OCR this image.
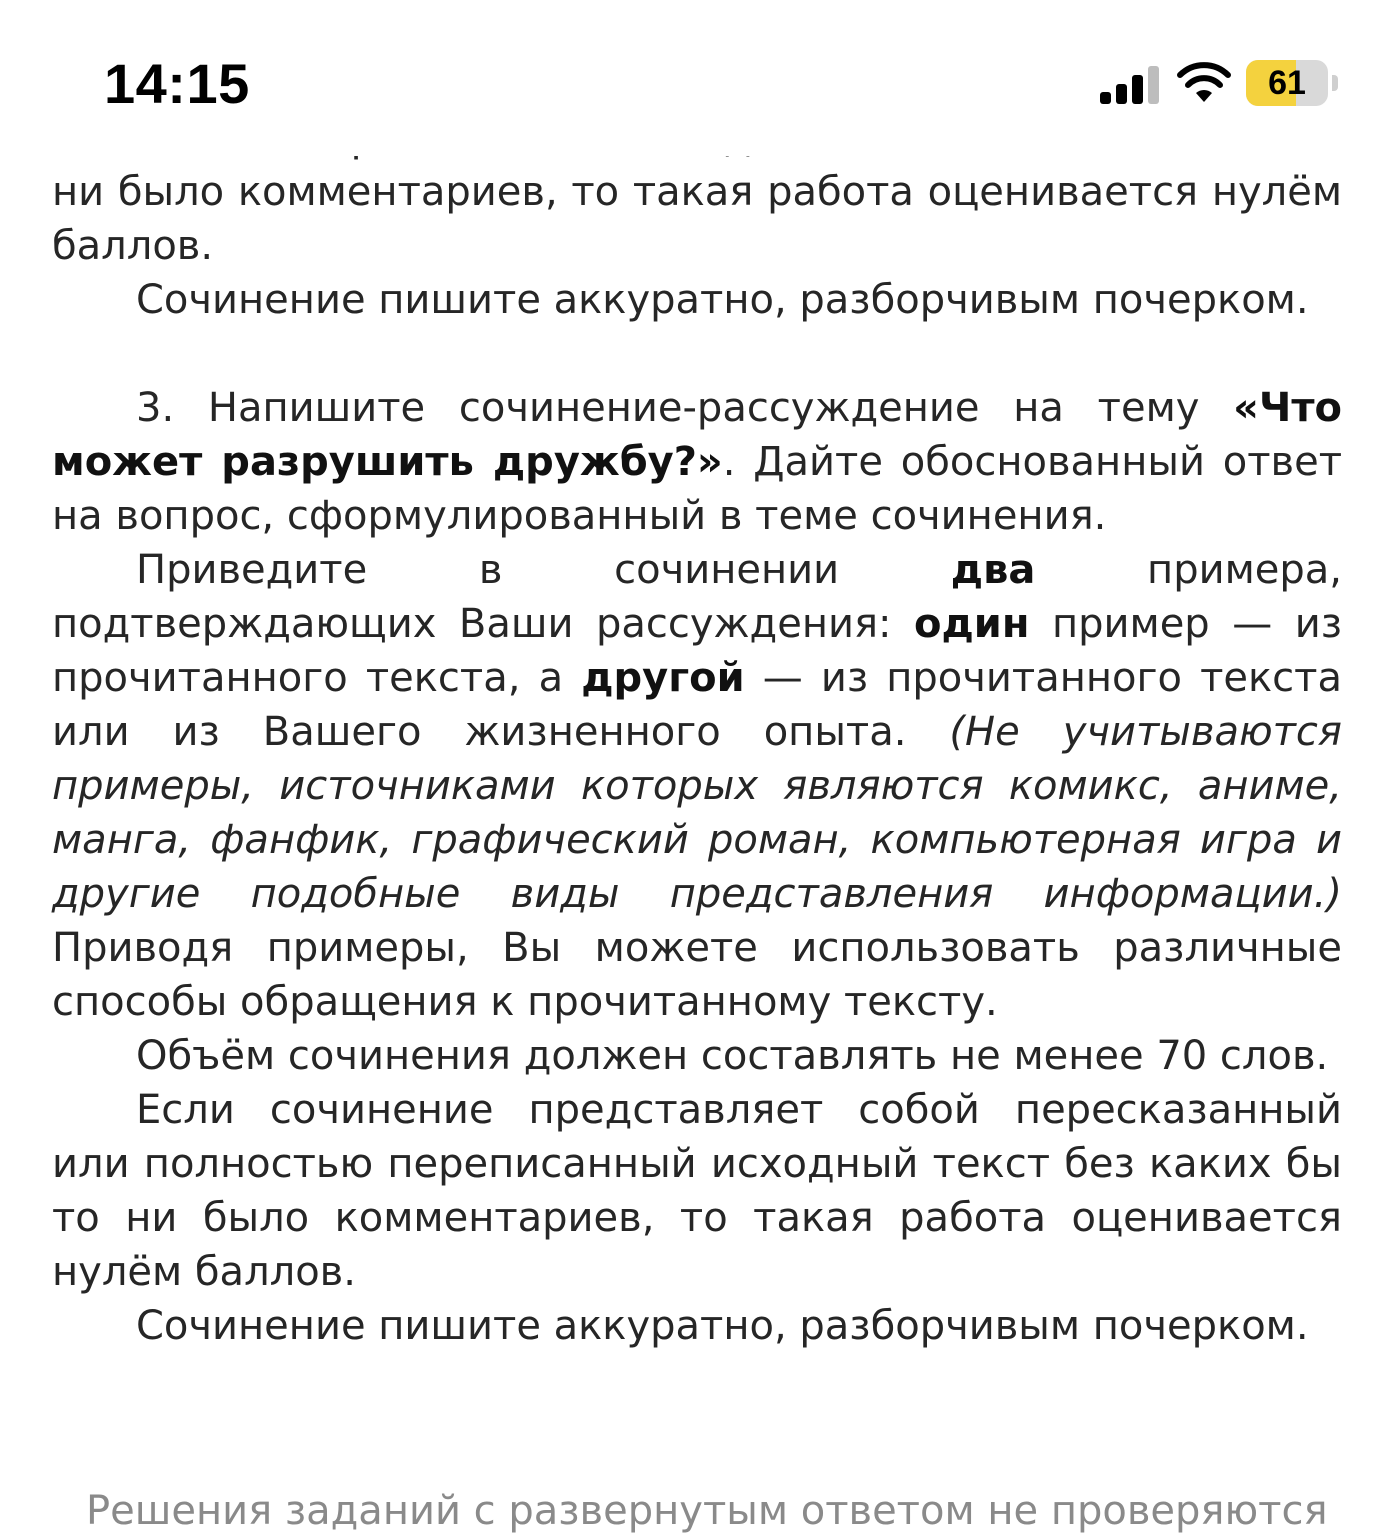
14:15	61

ни было комментариев, то такая работа оценивается нулём баллов.

Сочинение пишите аккуратно, разборчивым почерком.

3. Напишите сочинение-рассуждение на тему «Что может разрушить дружбу?». Дайте обоснованный ответ на вопрос, сформулированный в теме сочинения.

Приведите в сочинении два примера, подтверждающих Ваши рассуждения: один пример — из прочитанного текста, а другой — из прочитанного текста или из Вашего жизненного опыта. (Не учитываются примеры, источниками которых являются комикс, аниме, манга, фанфик, графический роман, компьютерная игра и другие подобные виды представления информации.) Приводя примеры, Вы можете использовать различные способы обращения к прочитанному тексту.

Объём сочинения должен составлять не менее 70 слов.

Если сочинение представляет собой пересказанный или полностью переписанный исходный текст без каких бы то ни было комментариев, то такая работа оценивается нулём баллов.

Сочинение пишите аккуратно, разборчивым почерком.

Решения заданий с развернутым ответом не проверяются
